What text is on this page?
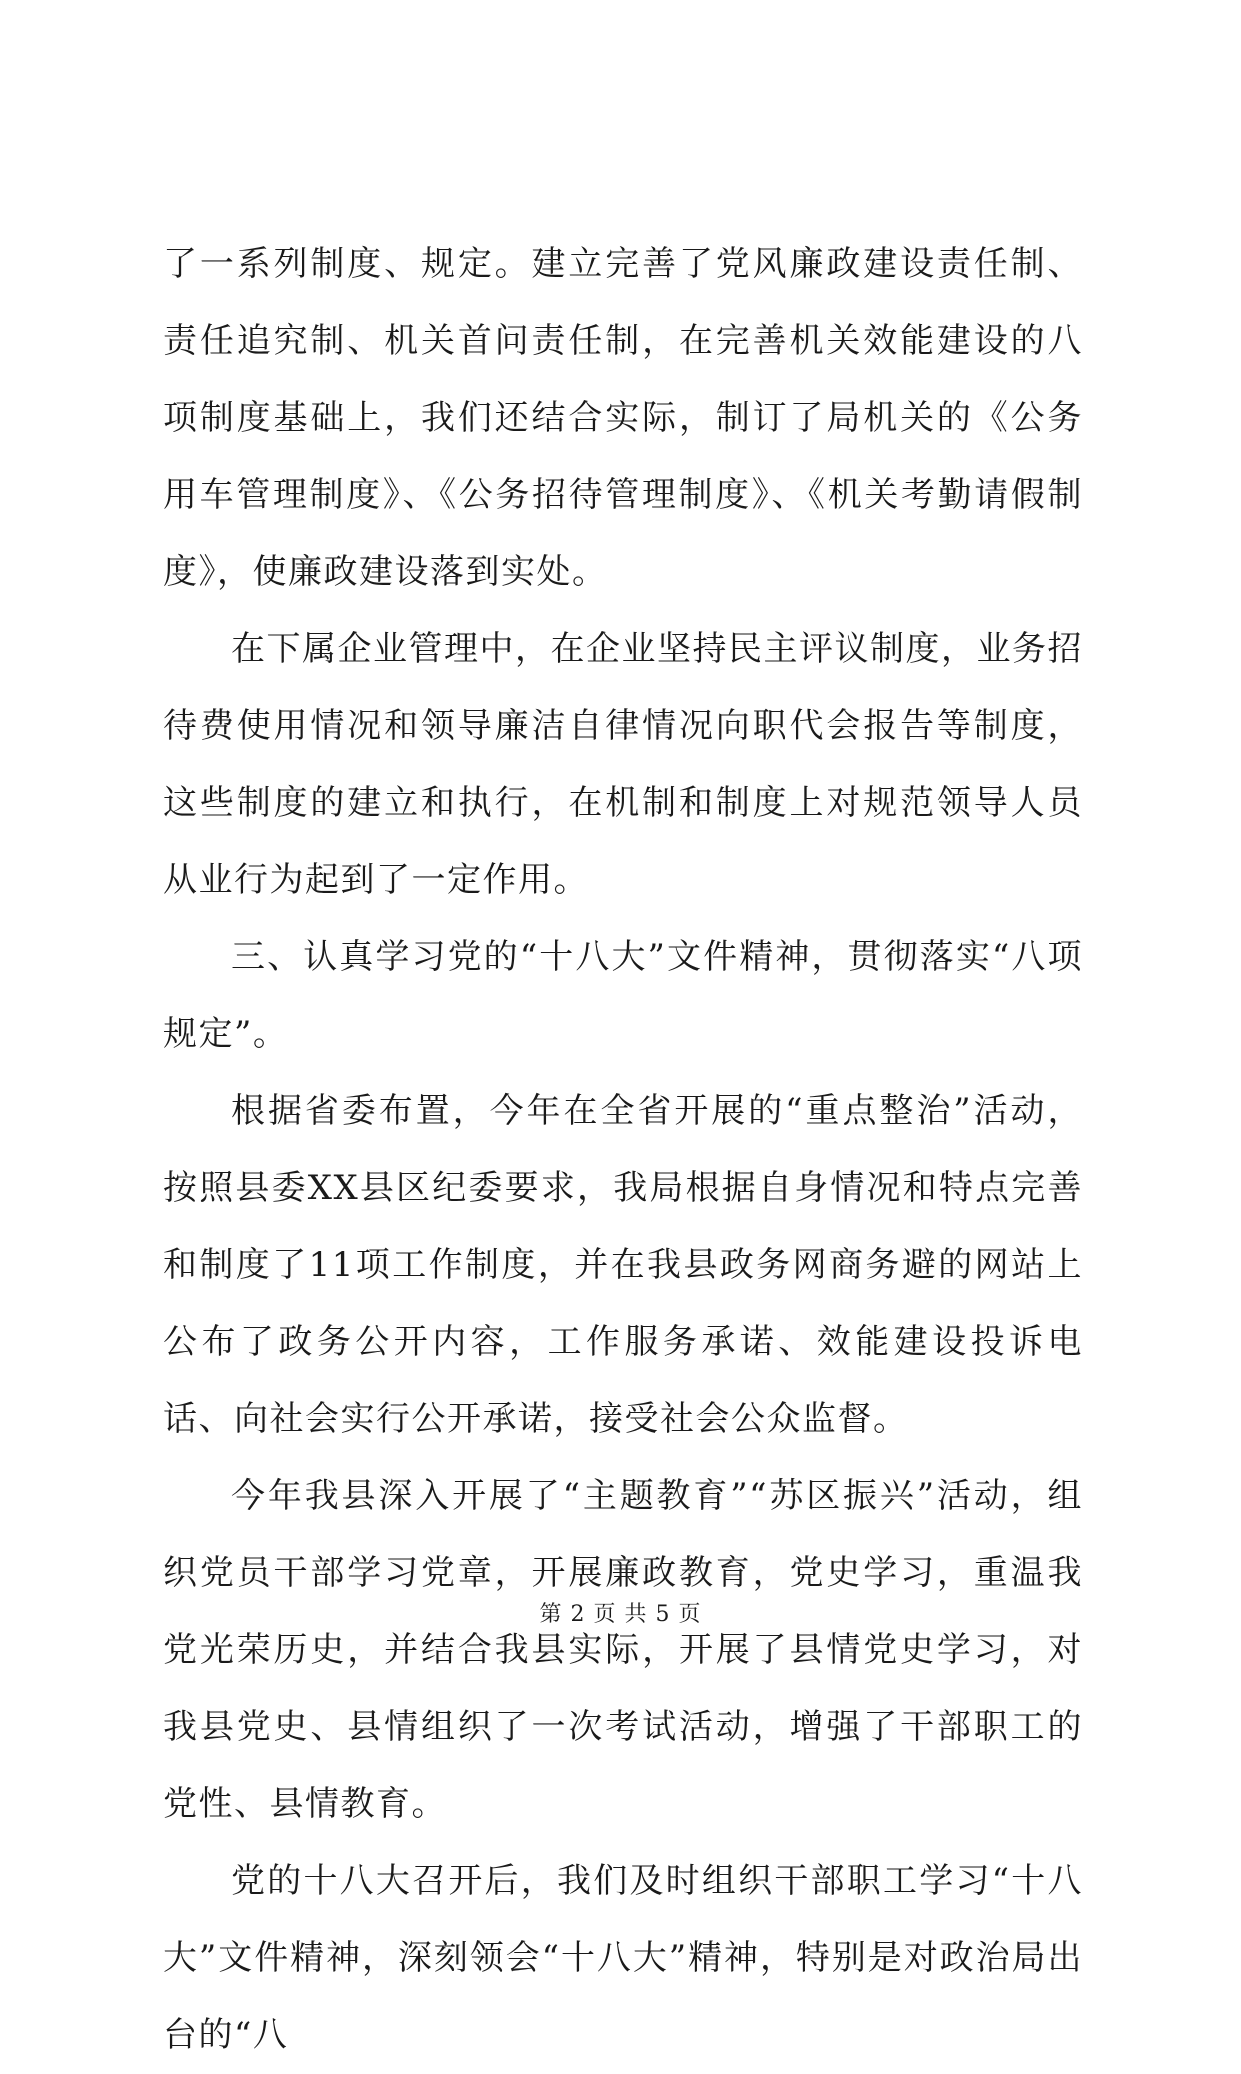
了一系列制度、规定。建立完善了党风廉政建设责任制、责任追究制、机关首问责任制，在完善机关效能建设的八项制度基础上，我们还结合实际，制订了局机关的《公务用车管理制度》、《公务招待管理制度》、《机关考勤请假制度》，使廉政建设落到实处。

在下属企业管理中，在企业坚持民主评议制度，业务招待费使用情况和领导廉洁自律情况向职代会报告等制度，这些制度的建立和执行，在机制和制度上对规范领导人员从业行为起到了一定作用。

三、认真学习党的“十八大”文件精神，贯彻落实“八项规定”。

根据省委布置，今年在全省开展的“重点整治”活动，按照县委XX县区纪委要求，我局根据自身情况和特点完善和制度了11项工作制度，并在我县政务网商务避的网站上公布了政务公开内容，工作服务承诺、效能建设投诉电话、向社会实行公开承诺，接受社会公众监督。

今年我县深入开展了“主题教育”“苏区振兴”活动，组织党员干部学习党章，开展廉政教育，党史学习，重温我党光荣历史，并结合我县实际，开展了县情党史学习，对我县党史、县情组织了一次考试活动，增强了干部职工的党性、县情教育。

党的十八大召开后，我们及时组织干部职工学习“十八大”文件精神，深刻领会“十八大”精神，特别是对政治局出台的“八

第 2 页 共 5 页
